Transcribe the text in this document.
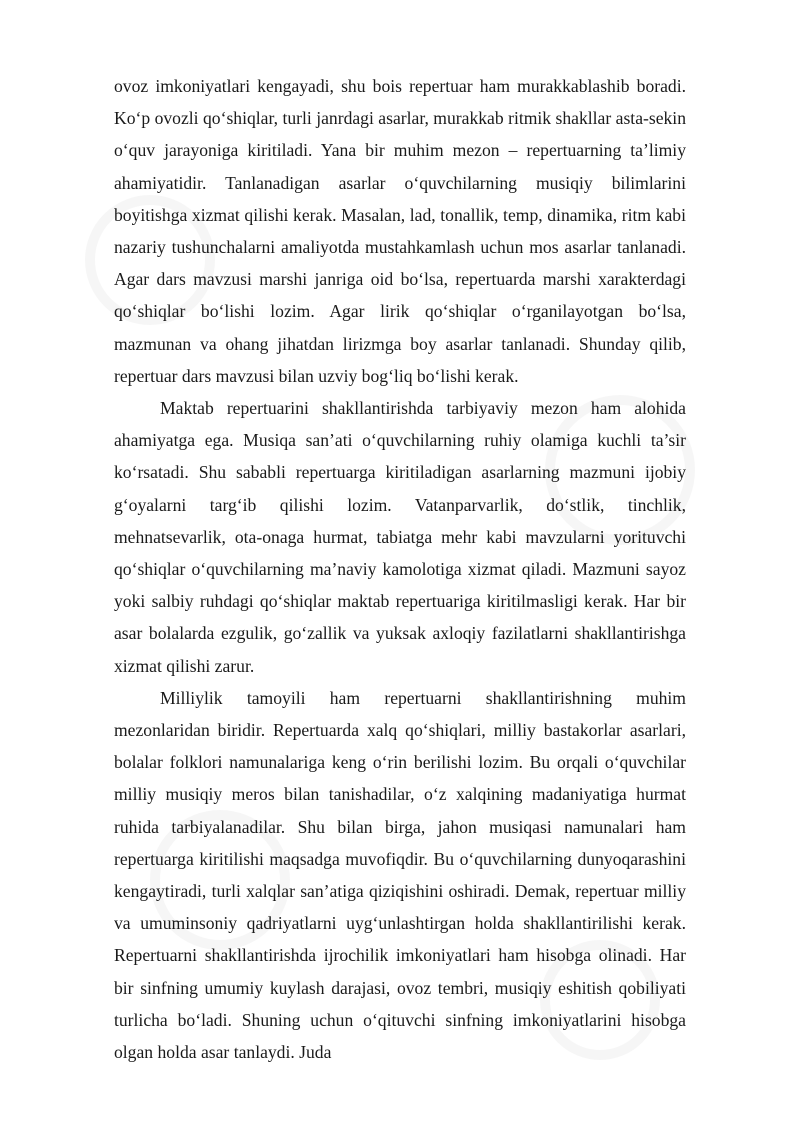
ovoz imkoniyatlari kengayadi, shu bois repertuar ham murakkablashib boradi. Ko‘p ovozli qo‘shiqlar, turli janrdagi asarlar, murakkab ritmik shakllar asta-sekin o‘quv jarayoniga kiritiladi. Yana bir muhim mezon – repertuarning ta’limiy ahamiyatidir. Tanlanadigan asarlar o‘quvchilarning musiqiy bilimlarini boyitishga xizmat qilishi kerak. Masalan, lad, tonallik, temp, dinamika, ritm kabi nazariy tushunchalarni amaliyotda mustahkamlash uchun mos asarlar tanlanadi. Agar dars mavzusi marshi janriga oid bo‘lsa, repertuarda marshi xarakterdagi qo‘shiqlar bo‘lishi lozim. Agar lirik qo‘shiqlar o‘rganilayotgan bo‘lsa, mazmunan va ohang jihatdan lirizmga boy asarlar tanlanadi. Shunday qilib, repertuar dars mavzusi bilan uzviy bog‘liq bo‘lishi kerak.

Maktab repertuarini shakllantirishda tarbiyaviy mezon ham alohida ahamiyatga ega. Musiqa san’ati o‘quvchilarning ruhiy olamiga kuchli ta’sir ko‘rsatadi. Shu sababli repertuarga kiritiladigan asarlarning mazmuni ijobiy g‘oyalarni targ‘ib qilishi lozim. Vatanparvarlik, do‘stlik, tinchlik, mehnatsevarlik, ota-onaga hurmat, tabiatga mehr kabi mavzularni yorituvchi qo‘shiqlar o‘quvchilarning ma’naviy kamolotiga xizmat qiladi. Mazmuni sayoz yoki salbiy ruhdagi qo‘shiqlar maktab repertuariga kiritilmasligi kerak. Har bir asar bolalarda ezgulik, go‘zallik va yuksak axloqiy fazilatlarni shakllantirishga xizmat qilishi zarur.

Milliylik tamoyili ham repertuarni shakllantirishning muhim mezonlaridan biridir. Repertuarda xalq qo‘shiqlari, milliy bastakorlar asarlari, bolalar folklori namunalariga keng o‘rin berilishi lozim. Bu orqali o‘quvchilar milliy musiqiy meros bilan tanishadilar, o‘z xalqining madaniyatiga hurmat ruhida tarbiyalanadilar. Shu bilan birga, jahon musiqasi namunalari ham repertuarga kiritilishi maqsadga muvofiqdir. Bu o‘quvchilarning dunyoqarashini kengaytiradi, turli xalqlar san’atiga qiziqishini oshiradi. Demak, repertuar milliy va umuminsoniy qadriyatlarni uyg‘unlashtirgan holda shakllantirilishi kerak. Repertuarni shakllantirishda ijrochilik imkoniyatlari ham hisobga olinadi. Har bir sinfning umumiy kuylash darajasi, ovoz tembri, musiqiy eshitish qobiliyati turlicha bo‘ladi. Shuning uchun o‘qituvchi sinfning imkoniyatlarini hisobga olgan holda asar tanlaydi. Juda
